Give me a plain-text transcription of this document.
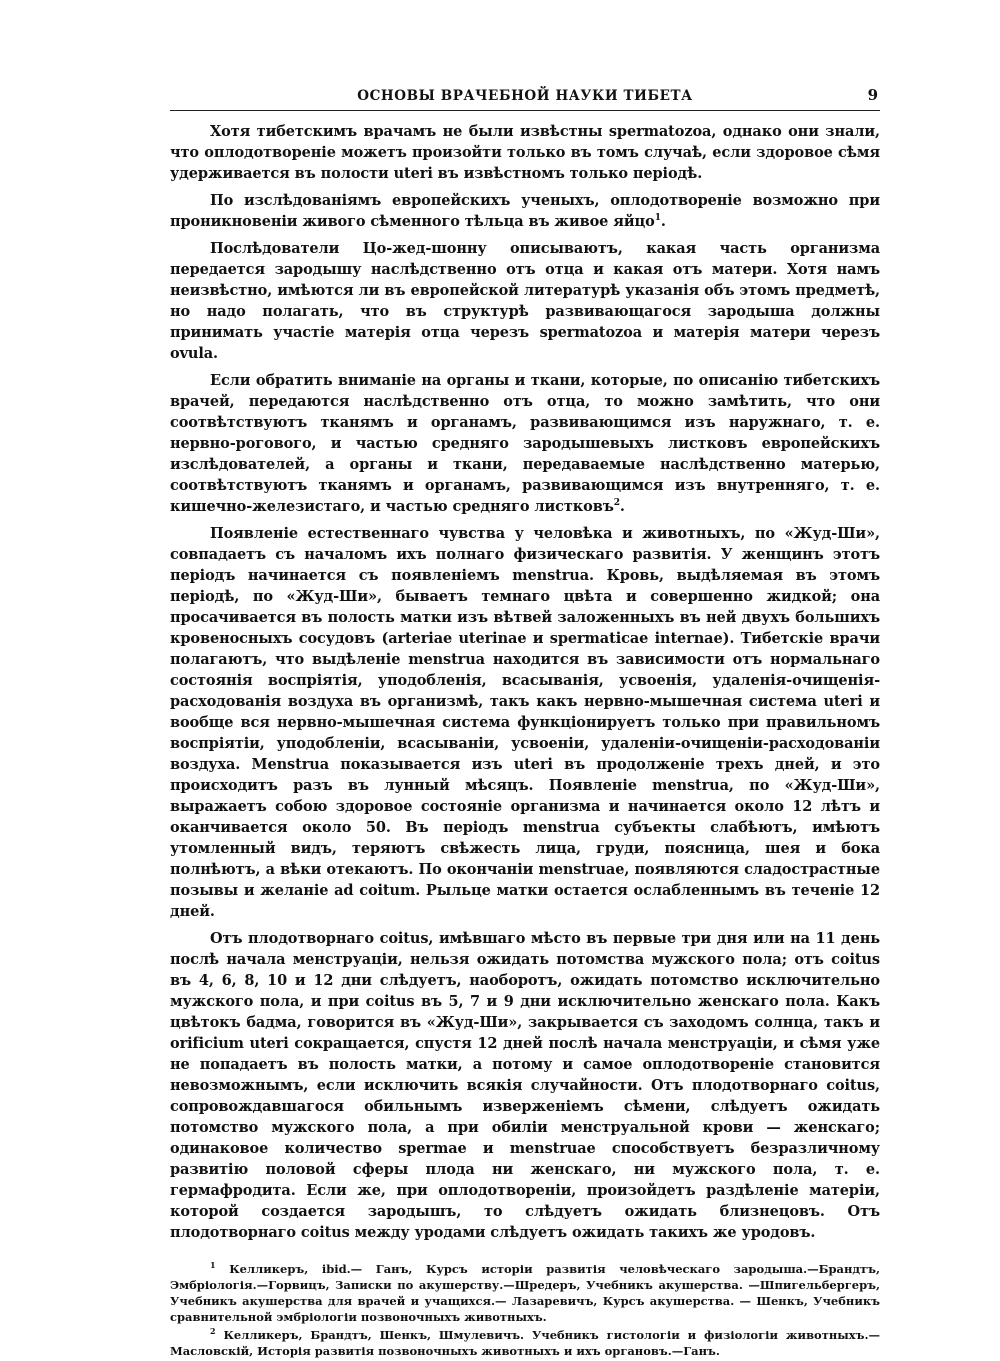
ОСНОВЫ ВРАЧЕБНОЙ НАУКИ ТИБЕТА	9

Хотя тибетскимъ врачамъ не были извѣстны spermatozoa, однако они знали, что оплодотвореніе можетъ произойти только въ томъ случаѣ, если здоровое сѣмя удерживается въ полости uteri въ извѣстномъ только періодѣ.

По изслѣдованіямъ европейскихъ ученыхъ, оплодотвореніе возможно при проникновеніи живого сѣменного тѣльца въ живое яйцо$^1$.

Послѣдователи Цо-жед-шонну описываютъ, какая часть организма передается зародышу наслѣдственно отъ отца и какая отъ матери. Хотя намъ неизвѣстно, имѣются ли въ европейской литературѣ указанія объ этомъ предметѣ, но надо полагать, что въ структурѣ развивающагося зародыша должны принимать участіе матерія отца черезъ spermatozoa и матерія матери черезъ ovula.

Если обратить вниманіе на органы и ткани, которые, по описанію тибетскихъ врачей, передаются наслѣдственно отъ отца, то можно замѣтить, что они соотвѣтствуютъ тканямъ и органамъ, развивающимся изъ наружнаго, т. е. нервно-рогового, и частью средняго зародышевыхъ листковъ европейскихъ изслѣдователей, а органы и ткани, передаваемые наслѣдственно матерью, соотвѣтствуютъ тканямъ и органамъ, развивающимся изъ внутренняго, т. е. кишечно-железистаго, и частью средняго листковъ$^2$.

Появленіе естественнаго чувства у человѣка и животныхъ, по «Жуд-Ши», совпадаетъ съ началомъ ихъ полнаго физическаго развитія. У женщинъ этотъ періодъ начинается съ появленіемъ menstrua. Кровь, выдѣляемая въ этомъ періодѣ, по «Жуд-Ши», бываетъ темнаго цвѣта и совершенно жидкой; она просачивается въ полость матки изъ вѣтвей заложенныхъ въ ней двухъ большихъ кровеносныхъ сосудовъ (arteriae uterinae и spermaticae internae). Тибетскіе врачи полагаютъ, что выдѣленіе menstrua находится въ зависимости отъ нормальнаго состоянія воспріятія, уподобленія, всасыванія, усвоенія, удаленія-очищенія-расходованія воздуха въ организмѣ, такъ какъ нервно-мышечная система uteri и вообще вся нервно-мышечная система функціонируетъ только при правильномъ воспріятіи, уподобленіи, всасываніи, усвоеніи, удаленіи-очищеніи-расходованіи воздуха. Menstrua показывается изъ uteri въ продолженіе трехъ дней, и это происходитъ разъ въ лунный мѣсяцъ. Появленіе menstrua, по «Жуд-Ши», выражаетъ собою здоровое состояніе организма и начинается около 12 лѣтъ и оканчивается около 50. Въ періодъ menstrua субъекты слабѣютъ, имѣютъ утомленный видъ, теряютъ свѣжесть лица, груди, поясница, шея и бока полнѣютъ, а вѣки отекаютъ. По окончаніи menstruae, появляются сладострастные позывы и желаніе ad coitum. Рыльце матки остается ослабленнымъ въ теченіе 12 дней.

Отъ плодотворнаго coitus, имѣвшаго мѣсто въ первые три дня или на 11 день послѣ начала менструаціи, нельзя ожидать потомства мужского пола; отъ coitus въ 4, 6, 8, 10 и 12 дни слѣдуетъ, наоборотъ, ожидать потомство исключительно мужского пола, и при coitus въ 5, 7 и 9 дни исключительно женскаго пола. Какъ цвѣтокъ бадма, говорится въ «Жуд-Ши», закрывается съ заходомъ солнца, такъ и orificium uteri сокращается, спустя 12 дней послѣ начала менструаціи, и сѣмя уже не попадаетъ въ полость матки, а потому и самое оплодотвореніе становится невозможнымъ, если исключить всякія случайности. Отъ плодотворнаго coitus, сопровождавшагося обильнымъ изверженіемъ сѣмени, слѣдуетъ ожидать потомство мужского пола, а при обиліи менструальной крови — женскаго; одинаковое количество spermae и menstruae способствуетъ безразличному развитію половой сферы плода ни женскаго, ни мужского пола, т. е. гермафродита. Если же, при оплодотвореніи, произойдетъ раздѣленіе матеріи, которой создается зародышъ, то слѣдуетъ ожидать близнецовъ. Отъ плодотворнаго coitus между уродами слѣдуетъ ожидать такихъ же уродовъ.

$^1$ Келликеръ, ibid.— Ганъ, Курсъ исторіи развитія человѣческаго зародыша.—Брандтъ, Эмбріологія.—Горвицъ, Записки по акушерству.—Шредеръ, Учебникъ акушерства. —Шпигельбергеръ, Учебникъ акушерства для врачей и учащихся.— Лазаревичъ, Курсъ акушерства. — Шенкъ, Учебникъ сравнительной эмбріологіи позвоночныхъ животныхъ.

$^2$ Келликеръ, Брандтъ, Шенкъ, Шмулевичъ. Учебникъ гистологіи и физіологіи животныхъ.—Масловскій, Исторія развитія позвоночныхъ животныхъ и ихъ органовъ.—Ганъ.
